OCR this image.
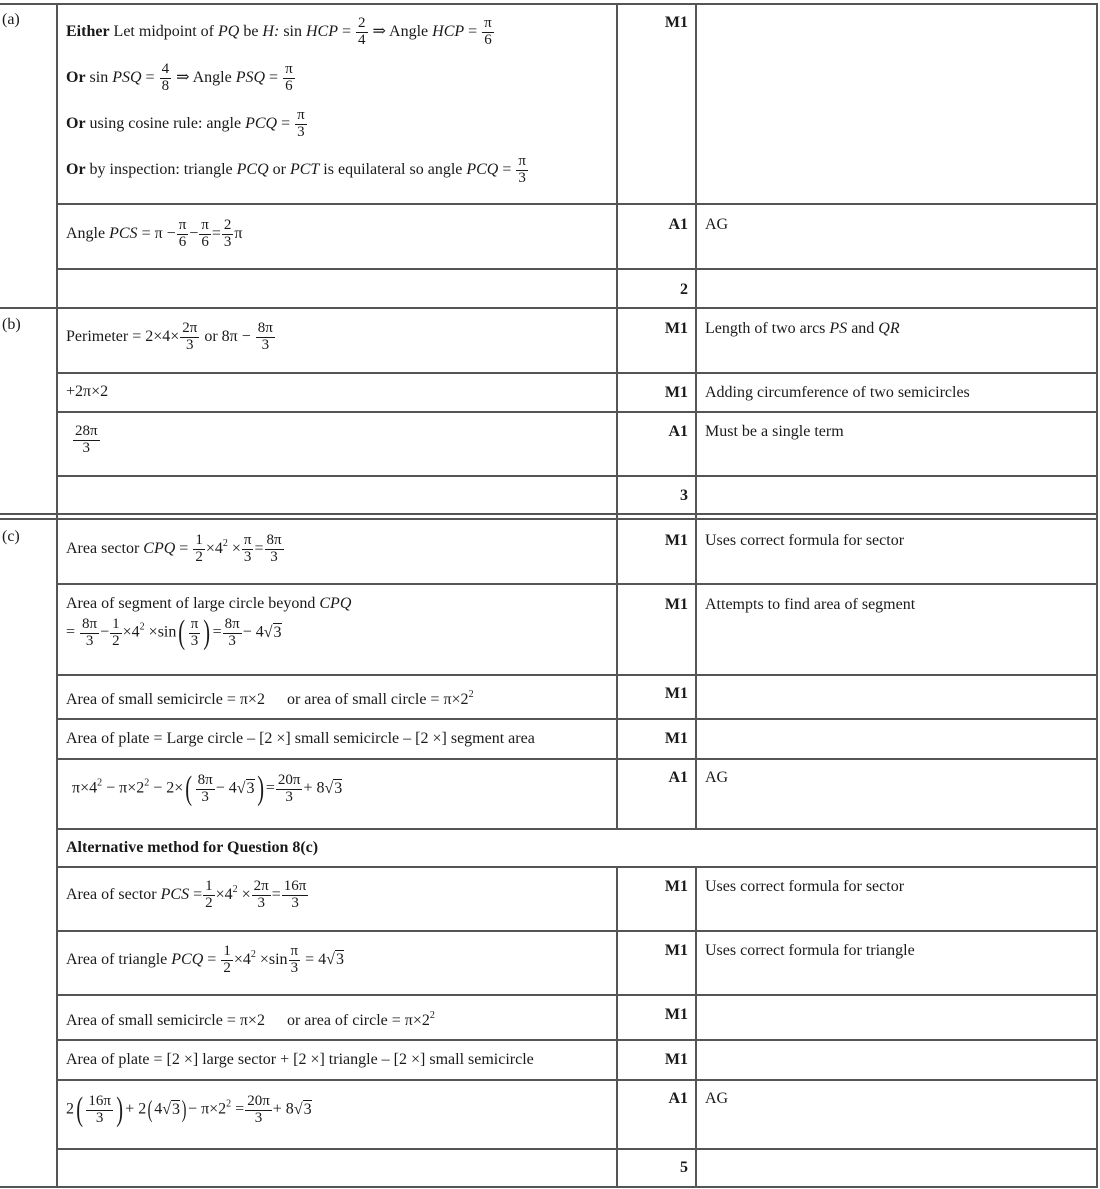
(a)
(b)
(c)
Either Let midpoint of PQ be H: sin HCP = $\frac{2}{4}$ ⇒ Angle HCP = $\frac{\pi}{6}$
Or sin PSQ = $\frac{4}{8}$ ⇒ Angle PSQ = $\frac{\pi}{6}$
Or using cosine rule: angle PCQ = $\frac{\pi}{3}$
Or by inspection: triangle PCQ or PCT is equilateral so angle PCQ = $\frac{\pi}{3}$
Angle PCS = $\pi - \frac{\pi}{6} - \frac{\pi}{6} = \frac{2}{3}$ π
M1
A1
2
AG
Perimeter = $2\times 4\times \frac{2\pi}{3}$ or $8\pi - \frac{8\pi}{3}$
+2π×2
$\frac{28\pi}{3}$
M1
M1
A1
3
Length of two arcs PS and QR
Adding circumference of two semicircles
Must be a single term
Area sector CPQ = $\frac{1}{2} \times 4^2 \times \frac{\pi}{3} = \frac{8\pi}{3}$
Area of segment of large circle beyond CPQ
= $\frac{8\pi}{3} - \frac{1}{2} \times 4^2 \times\sin( \frac{\pi}{3}$ ) = $\frac{8\pi}{3} - 4√3$
Area of small semicircle = π×2 or area of small circle = $\pi\times 2^2$
Area of plate = Large circle – [2 ×] small semicircle – [2 ×] segment area
$\pi\times 4^2 - \pi\times 2^2 - 2\times( \frac{8\pi}{3} - 4√3) = \frac{20\pi}{3} + 8√3$
Alternative method for Question 8(c)
Area of sector PCS = $\frac{1}{2} \times 4^2 \times \frac{2\pi}{3} = \frac{16\pi}{3}$
Area of triangle PCQ = $\frac{1}{2} \times 4^2 \times\sin \frac{\pi}{3} = 4√3$
Area of small semicircle = π×2 or area of circle = $\pi\times 2^2$
Area of plate = [2 ×] large sector + [2 ×] triangle – [2 ×] small semicircle
$2( \frac{16\pi}{3}$ ) + 2( $4√3) - \pi\times 2^2 = \frac{20\pi}{3} + 8√3$
M1
M1
M1
M1
A1
M1
M1
M1
M1
A1
5
Uses correct formula for sector
Attempts to find area of segment
AG
Uses correct formula for sector
Uses correct formula for triangle
AG
